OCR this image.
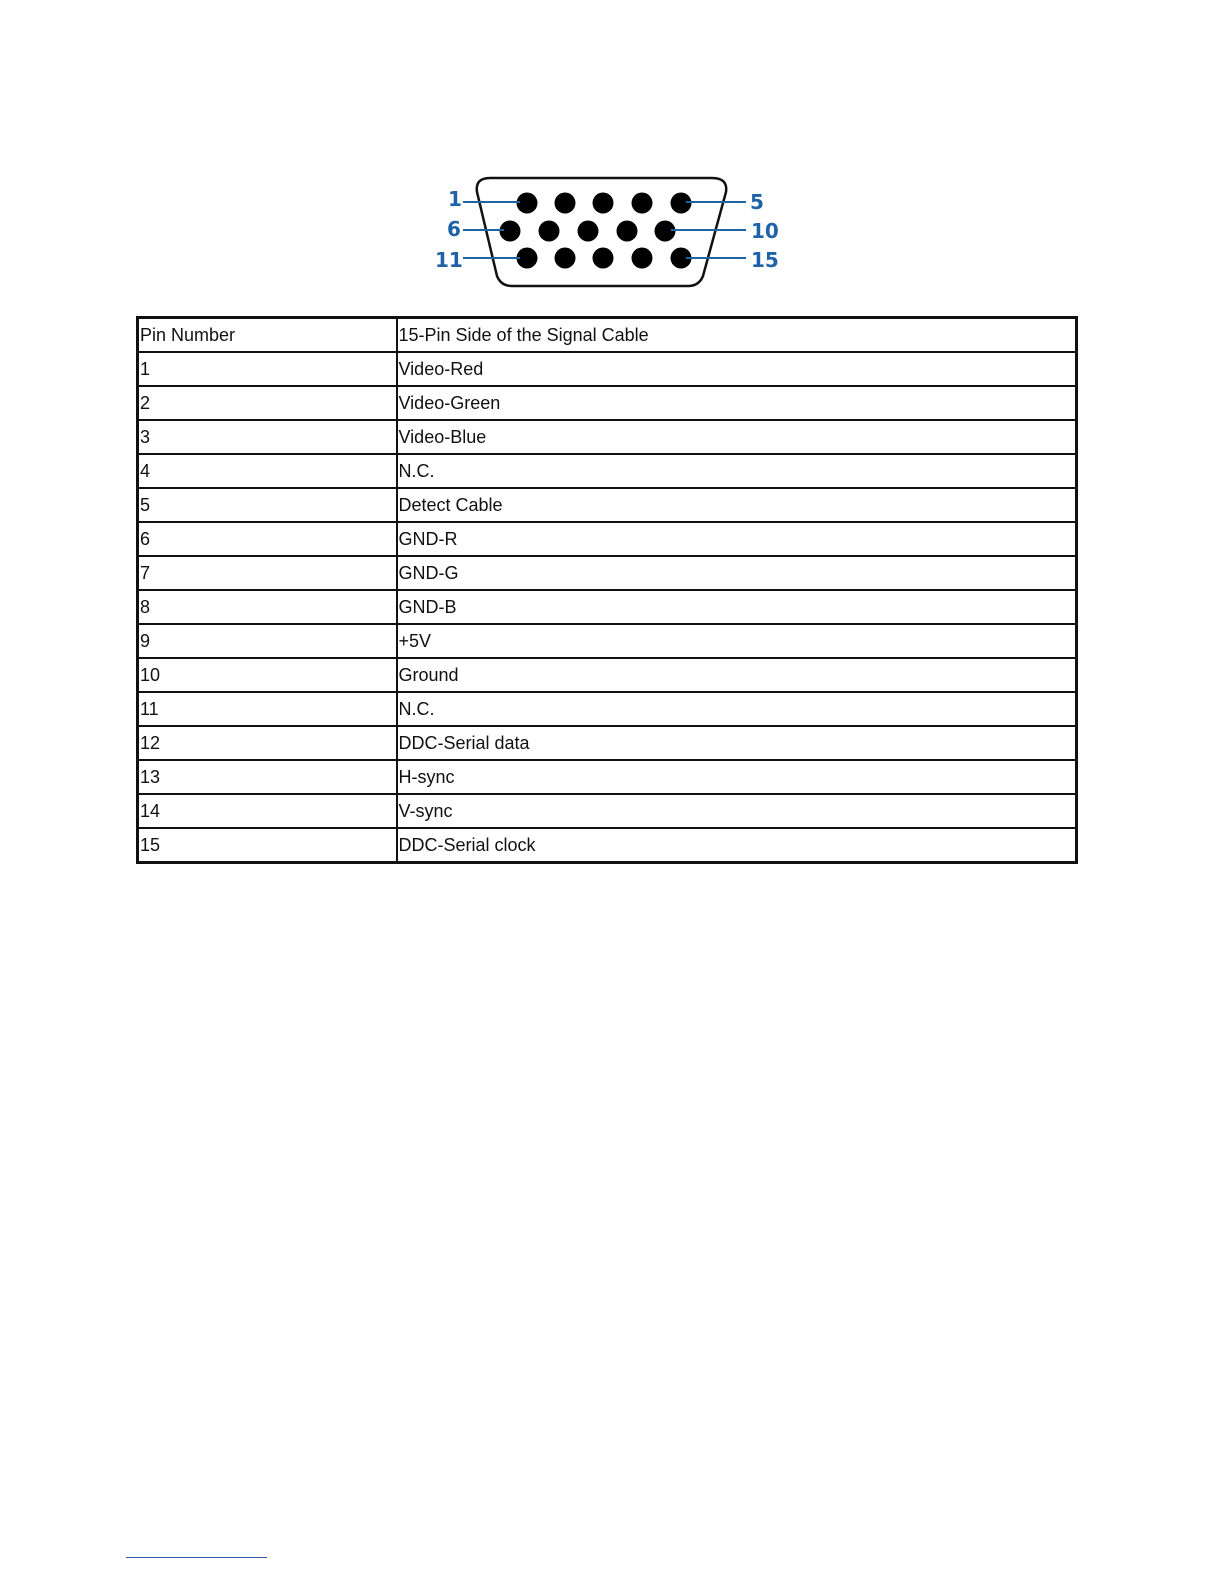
1	5
6	10
11	15
Pin Number	15-Pin Side of the Signal Cable
1	Video-Red
2	Video-Green
3	Video-Blue
4	N.C.
5	Detect Cable
6	GND-R
7	GND-G
8	GND-B
9	+5V
10	Ground
11	N.C.
12	DDC-Serial data
13	H-sync
14	V-sync
15	DDC-Serial clock
